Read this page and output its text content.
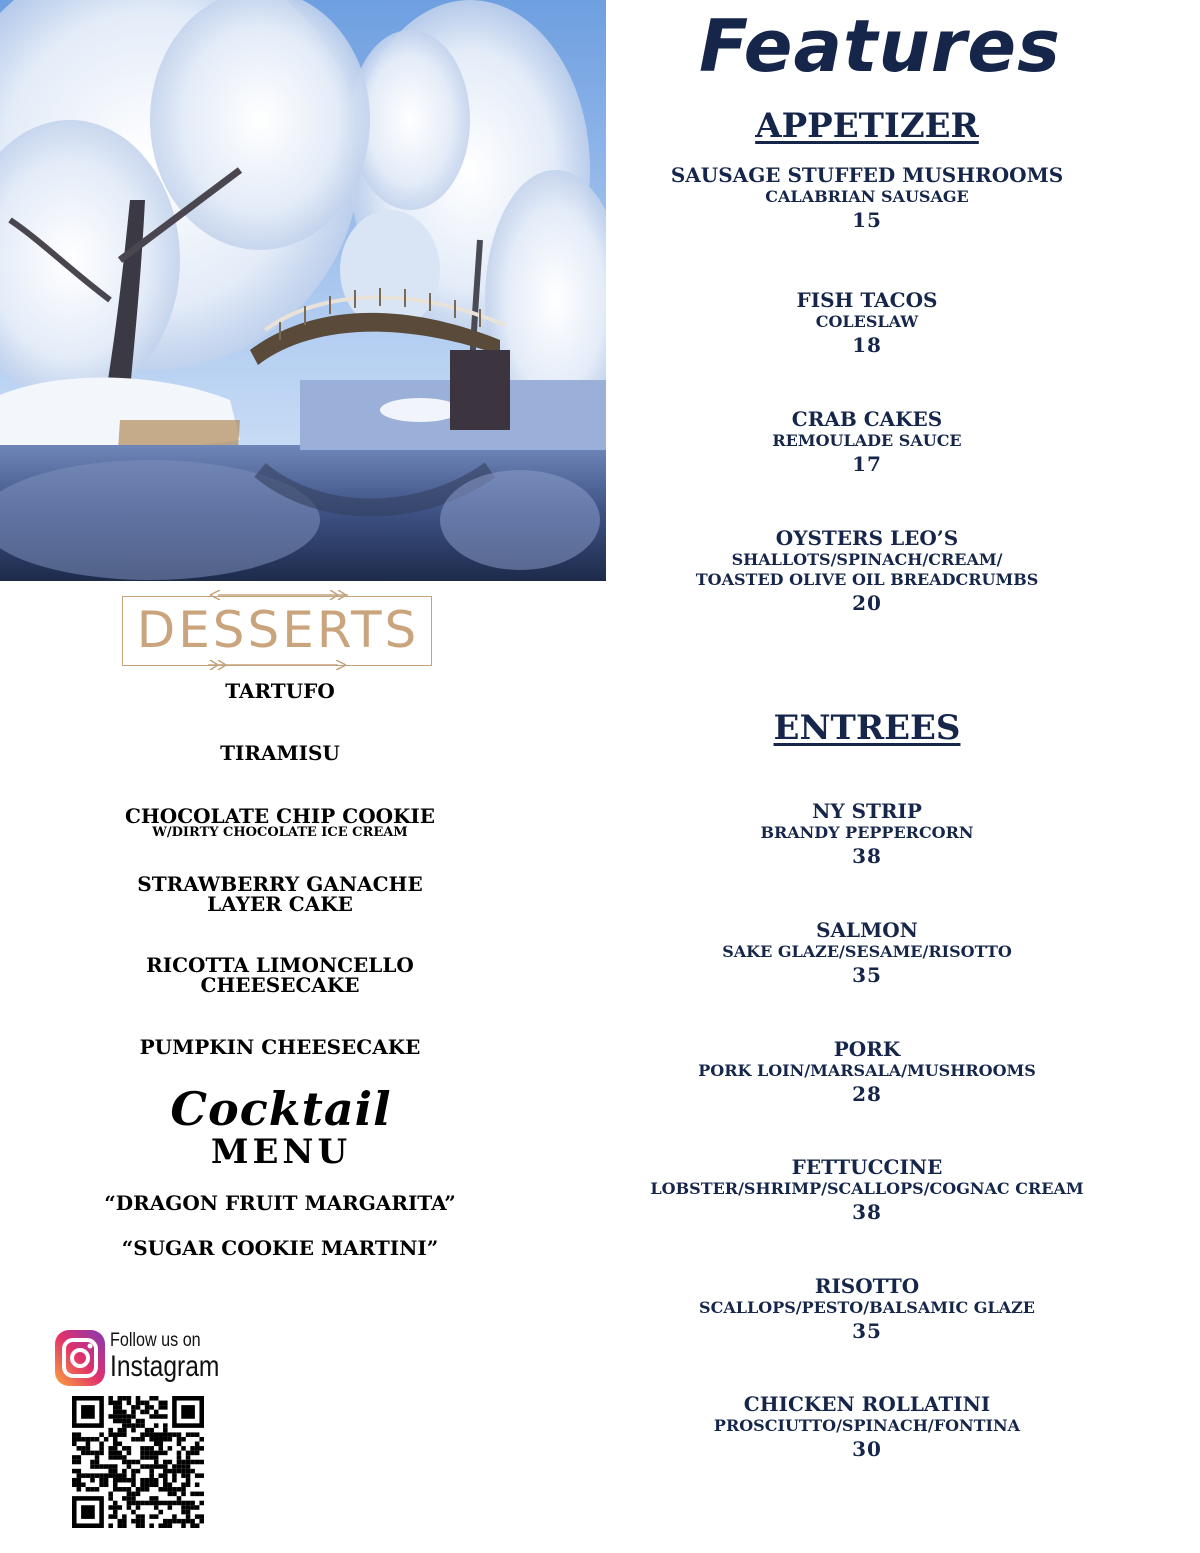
DESSERTS
TARTUFO
TIRAMISU
CHOCOLATE CHIP COOKIE
W/DIRTY CHOCOLATE ICE CREAM
STRAWBERRY GANACHE
LAYER CAKE
RICOTTA LIMONCELLO
CHEESECAKE
PUMPKIN CHEESECAKE
Cocktail
MENU
“DRAGON FRUIT MARGARITA”
“SUGAR COOKIE MARTINI”
Follow us on
Instagram
Features
APPETIZER
SAUSAGE STUFFED MUSHROOMS
CALABRIAN SAUSAGE
15
FISH TACOS
COLESLAW
18
CRAB CAKES
REMOULADE SAUCE
17
OYSTERS LEO’S
SHALLOTS/SPINACH/CREAM/
TOASTED OLIVE OIL BREADCRUMBS
20
ENTREES
NY STRIP
BRANDY PEPPERCORN
38
SALMON
SAKE GLAZE/SESAME/RISOTTO
35
PORK
PORK LOIN/MARSALA/MUSHROOMS
28
FETTUCCINE
LOBSTER/SHRIMP/SCALLOPS/COGNAC CREAM
38
RISOTTO
SCALLOPS/PESTO/BALSAMIC GLAZE
35
CHICKEN ROLLATINI
PROSCIUTTO/SPINACH/FONTINA
30
